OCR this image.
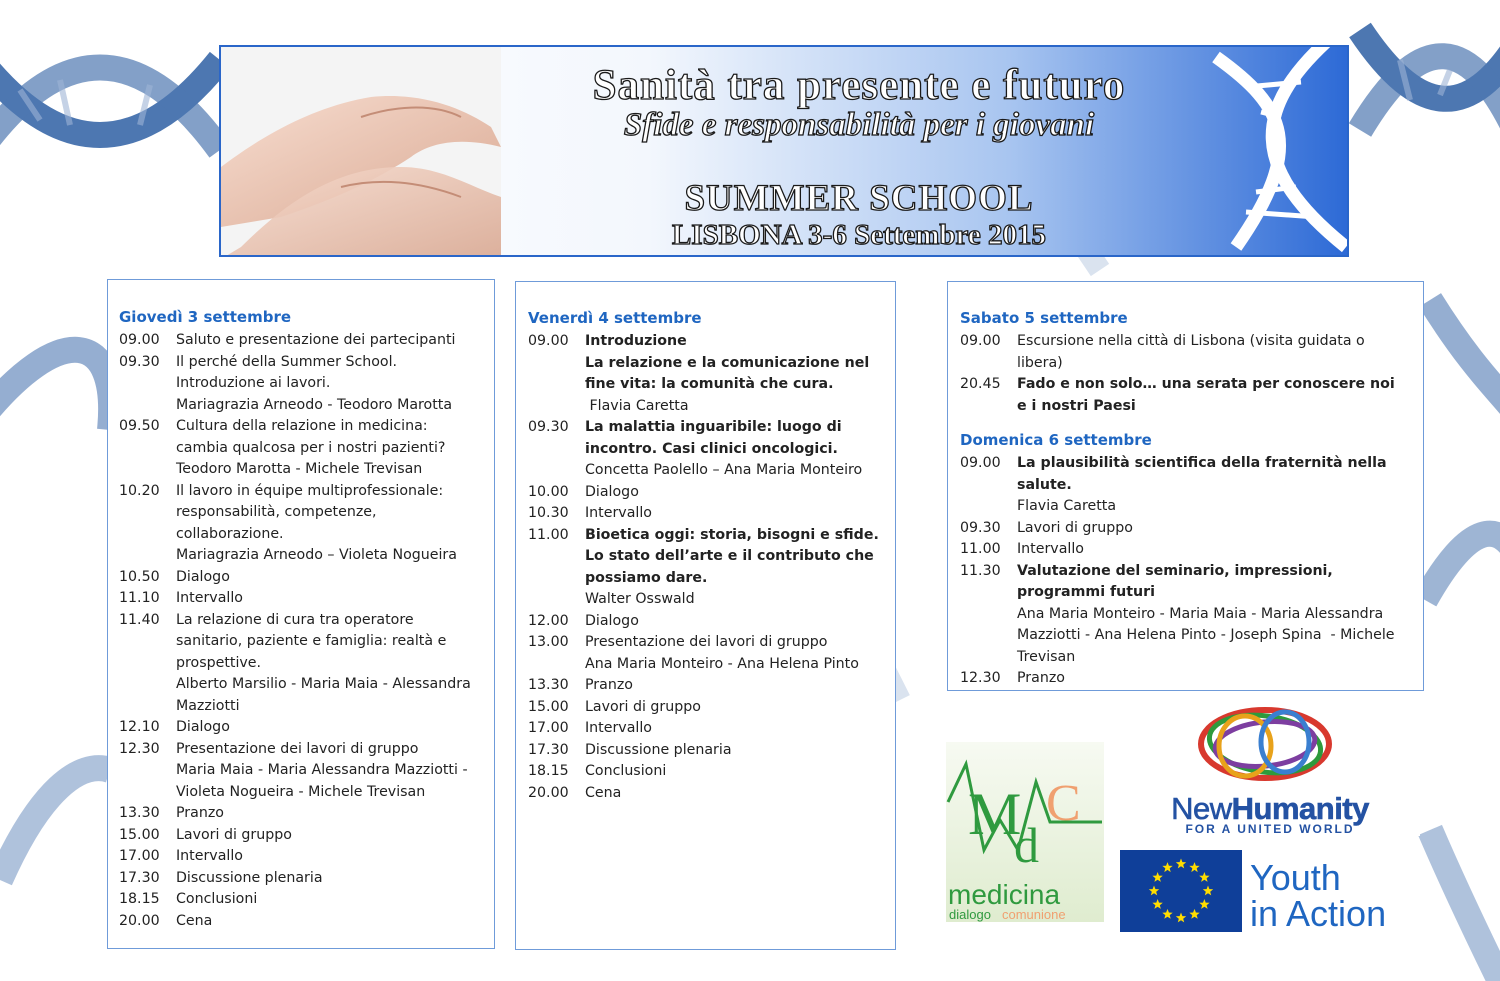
Sanità tra presente e futuro
Sfide e responsabilità per i giovani
SUMMER SCHOOL
LISBONA 3-6 Settembre 2015
Giovedì 3 settembre
09.00	Saluto e presentazione dei partecipanti
09.30	Il perché della Summer School. Introduzione ai lavori.
Mariagrazia Arneodo - Teodoro Marotta
09.50	Cultura della relazione in medicina: cambia qualcosa per i nostri pazienti?
Teodoro Marotta - Michele Trevisan
10.20	Il lavoro in équipe multiprofessionale: responsabilità, competenze, collaborazione.
Mariagrazia Arneodo – Violeta Nogueira
10.50	Dialogo
11.10	Intervallo
11.40	La relazione di cura tra operatore sanitario, paziente e famiglia: realtà e prospettive.
Alberto Marsilio - Maria Maia - Alessandra Mazziotti
12.10	Dialogo
12.30	Presentazione dei lavori di gruppo
Maria Maia - Maria Alessandra Mazziotti - Violeta Nogueira - Michele Trevisan
13.30	Pranzo
15.00	Lavori di gruppo
17.00	Intervallo
17.30	Discussione plenaria
18.15	Conclusioni
20.00	Cena
Venerdì 4 settembre
09.00	Introduzione
La relazione e la comunicazione nel fine vita: la comunità che cura.
Flavia Caretta
09.30	La malattia inguaribile: luogo di incontro. Casi clinici oncologici.
Concetta Paolello – Ana Maria Monteiro
10.00	Dialogo
10.30	Intervallo
11.00	Bioetica oggi: storia, bisogni e sfide. Lo stato dell’arte e il contributo che possiamo dare.
Walter Osswald
12.00	Dialogo
13.00	Presentazione dei lavori di gruppo
Ana Maria Monteiro - Ana Helena Pinto
13.30	Pranzo
15.00	Lavori di gruppo
17.00	Intervallo
17.30	Discussione plenaria
18.15	Conclusioni
20.00	Cena
Sabato 5 settembre
09.00	Escursione nella città di Lisbona (visita guidata o libera)
20.45	Fado e non solo… una serata per conoscere noi e i nostri Paesi
Domenica 6 settembre
09.00	La plausibilità scientifica della fraternità nella salute.
Flavia Caretta
09.30	Lavori di gruppo
11.00	Intervallo
11.30	Valutazione del seminario, impressioni, programmi futuri
Ana Maria Monteiro - Maria Maia - Maria Alessandra Mazziotti - Ana Helena Pinto - Joseph Spina  - Michele Trevisan
12.30	Pranzo
M
d
C
medicina
dialogo comunione
NewHumanity
FOR A UNITED WORLD
Youth
in Action
